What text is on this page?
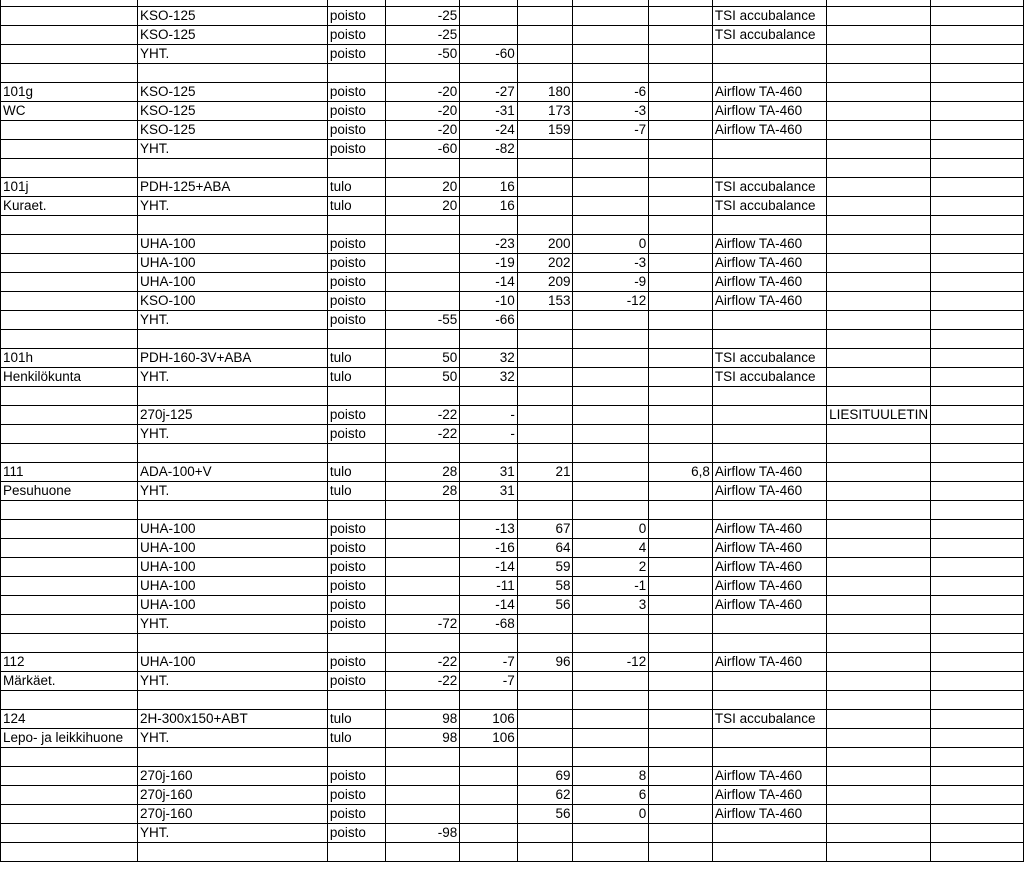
	KSO-125	poisto	-25					TSI accubalance		
	KSO-125	poisto	-25					TSI accubalance		
	YHT.	poisto	-50	-60						

101g	KSO-125	poisto	-20	-27	180	-6		Airflow TA-460		
WC	KSO-125	poisto	-20	-31	173	-3		Airflow TA-460		
	KSO-125	poisto	-20	-24	159	-7		Airflow TA-460		
	YHT.	poisto	-60	-82						

101j	PDH-125+ABA	tulo	20	16				TSI accubalance		
Kuraet.	YHT.	tulo	20	16				TSI accubalance		

	UHA-100	poisto		-23	200	0		Airflow TA-460		
	UHA-100	poisto		-19	202	-3		Airflow TA-460		
	UHA-100	poisto		-14	209	-9		Airflow TA-460		
	KSO-100	poisto		-10	153	-12		Airflow TA-460		
	YHT.	poisto	-55	-66						

101h	PDH-160-3V+ABA	tulo	50	32				TSI accubalance		
Henkilökunta	YHT.	tulo	50	32				TSI accubalance		

	270j-125	poisto	-22	-					LIESITUULETIN	
	YHT.	poisto	-22	-						

111	ADA-100+V	tulo	28	31	21		6,8	Airflow TA-460		
Pesuhuone	YHT.	tulo	28	31				Airflow TA-460		

	UHA-100	poisto		-13	67	0		Airflow TA-460		
	UHA-100	poisto		-16	64	4		Airflow TA-460		
	UHA-100	poisto		-14	59	2		Airflow TA-460		
	UHA-100	poisto		-11	58	-1		Airflow TA-460		
	UHA-100	poisto		-14	56	3		Airflow TA-460		
	YHT.	poisto	-72	-68						

112	UHA-100	poisto	-22	-7	96	-12		Airflow TA-460		
Märkäet.	YHT.	poisto	-22	-7						

124	2H-300x150+ABT	tulo	98	106				TSI accubalance		
Lepo- ja leikkihuone	YHT.	tulo	98	106						

	270j-160	poisto			69	8		Airflow TA-460		
	270j-160	poisto			62	6		Airflow TA-460		
	270j-160	poisto			56	0		Airflow TA-460		
	YHT.	poisto	-98							
